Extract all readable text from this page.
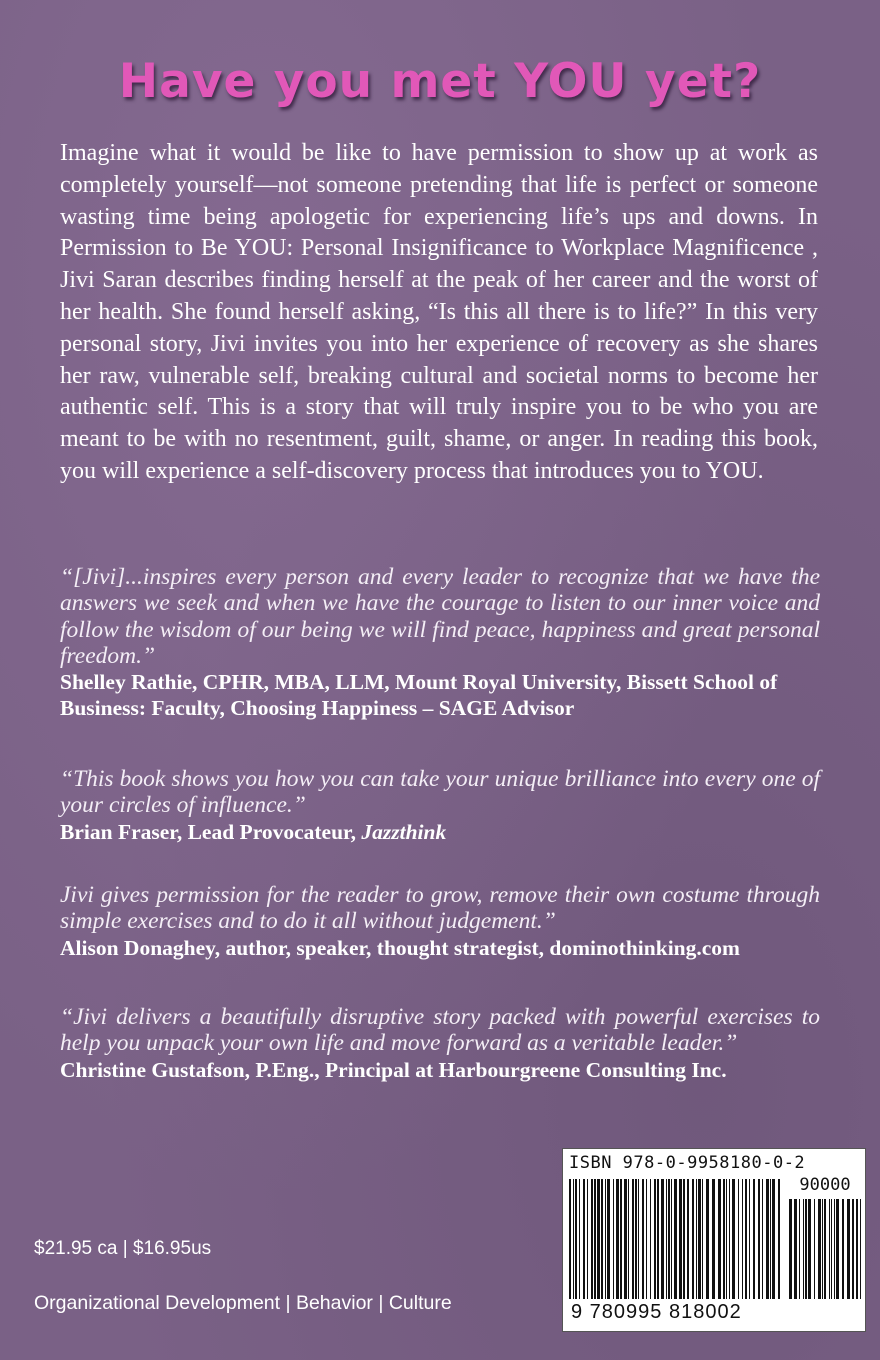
Have you met YOU yet?

Imagine what it would be like to have permission to show up at work as completely yourself—not someone pretending that life is perfect or someone wasting time being apologetic for experiencing life’s ups and downs. In Permission to Be YOU: Personal Insignificance to Workplace Magnificence , Jivi Saran describes finding herself at the peak of her career and the worst of her health. She found herself asking, “Is this all there is to life?” In this very personal story, Jivi invites you into her experience of recovery as she shares her raw, vulnerable self, breaking cultural and societal norms to become her authentic self. This is a story that will truly inspire you to be who you are meant to be with no resentment, guilt, shame, or anger. In reading this book, you will experience a self-discovery process that introduces you to YOU.

“[Jivi]...inspires every person and every leader to recognize that we have the answers we seek and when we have the courage to listen to our inner voice and follow the wisdom of our being we will find peace, happiness and great personal freedom.”

Shelley Rathie, CPHR, MBA, LLM, Mount Royal University, Bissett School of Business: Faculty, Choosing Happiness – SAGE Advisor

“This book shows you how you can take your unique brilliance into every one of your circles of influence.”

Brian Fraser, Lead Provocateur, Jazzthink

Jivi gives permission for the reader to grow, remove their own costume through simple exercises and to do it all without judgement.”

Alison Donaghey, author, speaker, thought strategist, dominothinking.com

“Jivi delivers a beautifully disruptive story packed with powerful exercises to help you unpack your own life and move forward as a veritable leader.”

Christine Gustafson, P.Eng., Principal at Harbourgreene Consulting Inc.

$21.95 ca | $16.95us
Organizational Development | Behavior | Culture
ISBN 978-0-9958180-0-2
90000
9 780995 818002
